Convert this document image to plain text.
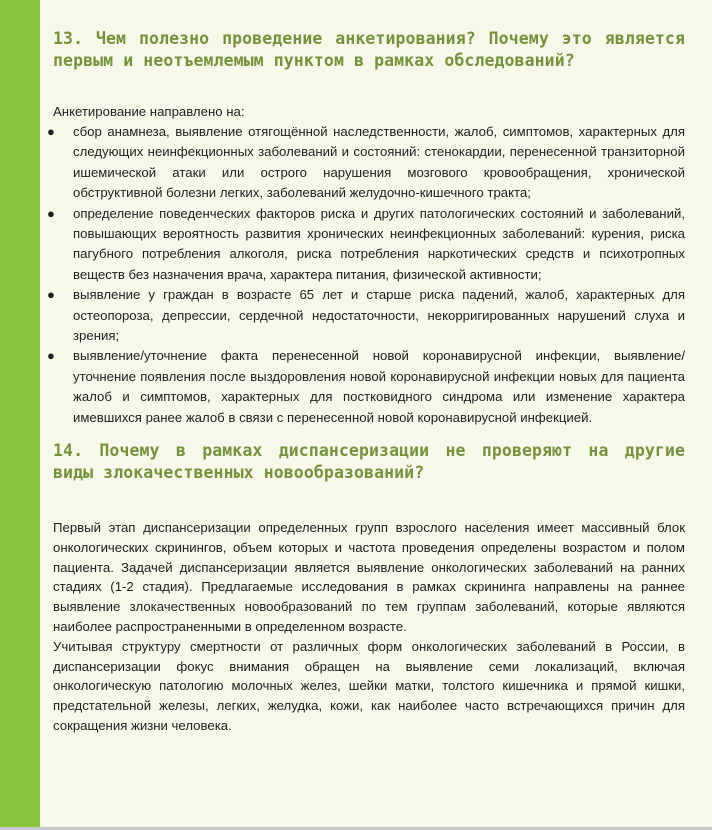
13. Чем полезно проведение анкетирования? Почему это является первым и неотъемлемым пунктом в рамках обследований?

Анкетирование направлено на:

● сбор анамнеза, выявление отягощённой наследственности, жалоб, симптомов, характерных для следующих неинфекционных заболеваний и состояний: стенокардии, перенесенной транзиторной ишемической атаки или острого нарушения мозгового кровообращения, хронической обструктивной болезни легких, заболеваний желудочно-кишечного тракта;
● определение поведенческих факторов риска и других патологических состояний и заболеваний, повышающих вероятность развития хронических неинфекционных заболеваний: курения, риска пагубного потребления алкоголя, риска потребления наркотических средств и психотропных веществ без назначения врача, характера питания, физической активности;
● выявление у граждан в возрасте 65 лет и старше риска падений, жалоб, характерных для остеопороза, депрессии, сердечной недостаточности, некорригированных нарушений слуха и зрения;
● выявление/уточнение факта перенесенной новой коронавирусной инфекции, выявление/уточнение появления после выздоровления новой коронавирусной инфекции новых для пациента жалоб и симптомов, характерных для постковидного синдрома или изменение характера имевшихся ранее жалоб в связи с перенесенной новой коронавирусной инфекцией.
14. Почему в рамках диспансеризации не проверяют на другие виды злокачественных новообразований?

Первый этап диспансеризации определенных групп взрослого населения имеет массивный блок онкологических скринингов, объем которых и частота проведения определены возрастом и полом пациента. Задачей диспансеризации является выявление онкологических заболеваний на ранних стадиях (1-2 стадия). Предлагаемые исследования в рамках скрининга направлены на раннее выявление злокачественных новообразований по тем группам заболеваний, которые являются наиболее распространенными в определенном возрасте.

Учитывая структуру смертности от различных форм онкологических заболеваний в России, в диспансеризации фокус внимания обращен на выявление семи локализаций, включая онкологическую патологию молочных желез, шейки матки, толстого кишечника и прямой кишки, предстательной железы, легких, желудка, кожи, как наиболее часто встречающихся причин для сокращения жизни человека.
